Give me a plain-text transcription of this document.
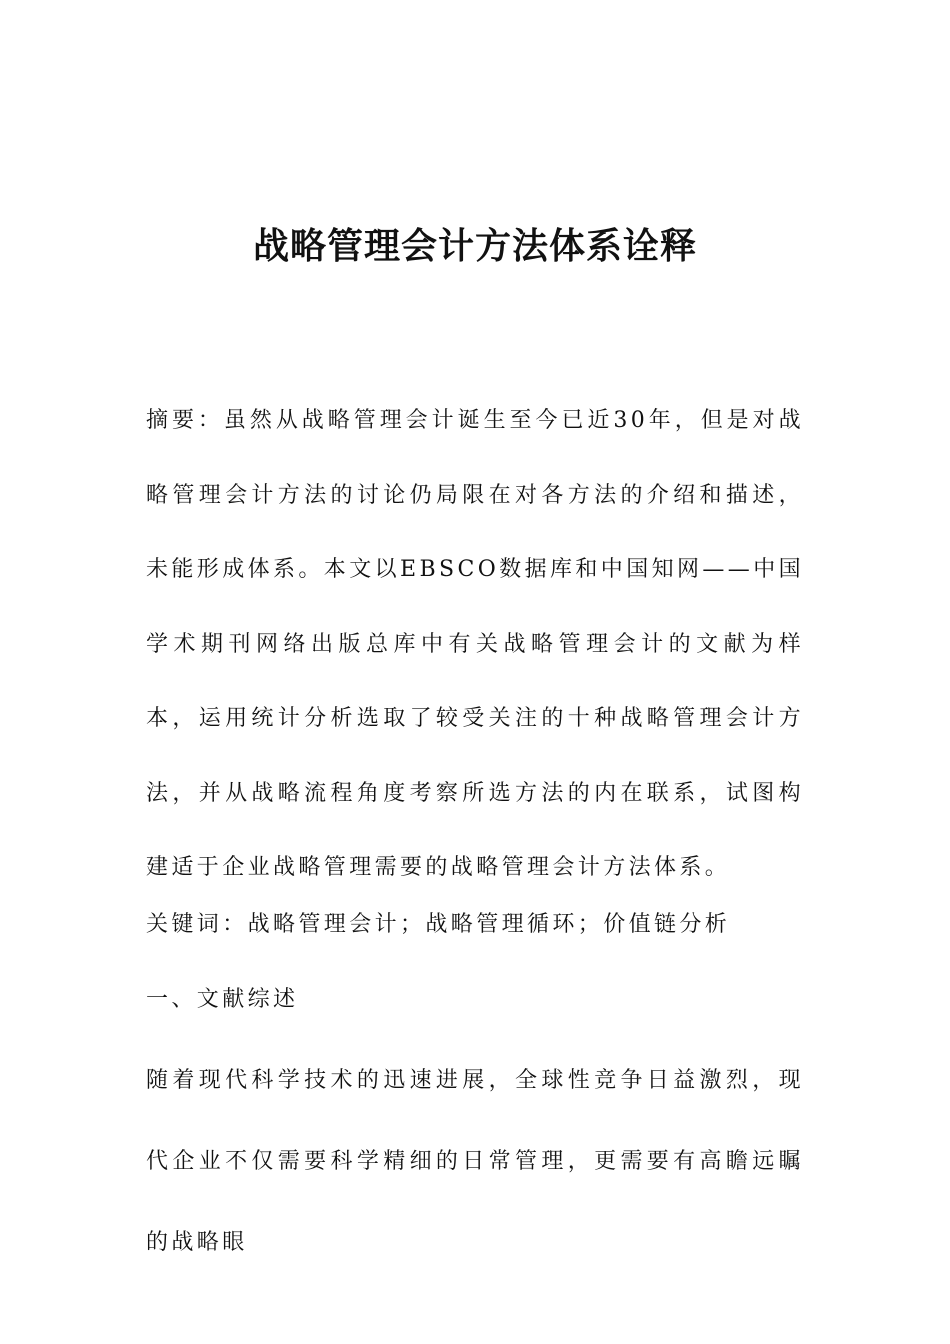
战略管理会计方法体系诠释

摘要：虽然从战略管理会计诞生至今已近30年，但是对战略管理会计方法的讨论仍局限在对各方法的介绍和描述，未能形成体系。本文以EBSCO数据库和中国知网——中国学术期刊网络出版总库中有关战略管理会计的文献为样本，运用统计分析选取了较受关注的十种战略管理会计方法，并从战略流程角度考察所选方法的内在联系，试图构建适于企业战略管理需要的战略管理会计方法体系。

关键词：战略管理会计；战略管理循环；价值链分析

一、文献综述

随着现代科学技术的迅速进展，全球性竞争日益激烈，现代企业不仅需要科学精细的日常管理，更需要有高瞻远瞩的战略眼
